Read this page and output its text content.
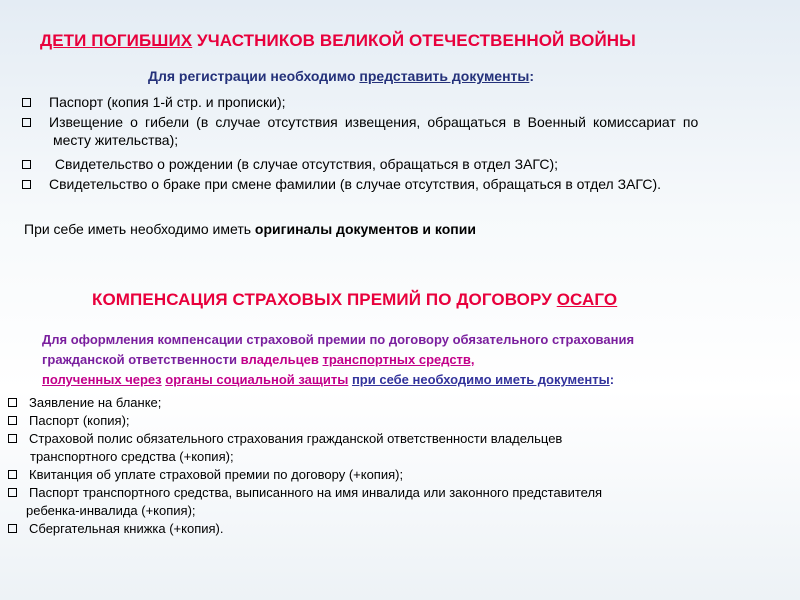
ДЕТИ ПОГИБШИХ УЧАСТНИКОВ ВЕЛИКОЙ ОТЕЧЕСТВЕННОЙ ВОЙНЫ
Для регистрации необходимо представить документы:
Паспорт (копия 1-й стр. и прописки);
Извещение о гибели (в случае отсутствия извещения, обращаться в Военный комиссариат по
месту жительства);
Свидетельство о рождении (в случае отсутствия, обращаться в отдел ЗАГС);
Свидетельство о браке при смене фамилии (в случае отсутствия, обращаться в отдел ЗАГС).
При себе иметь необходимо иметь оригиналы документов и копии
КОМПЕНСАЦИЯ СТРАХОВЫХ ПРЕМИЙ ПО ДОГОВОРУ ОСАГО
Для оформления компенсации страховой премии по договору обязательного страхования
гражданской ответственности владельцев транспортных средств,
полученных через органы социальной защиты при себе необходимо иметь документы:
Заявление на бланке;
Паспорт (копия);
Страховой полис обязательного страхования гражданской ответственности владельцев
транспортного средства (+копия);
Квитанция об уплате страховой премии по договору (+копия);
Паспорт транспортного средства, выписанного на имя инвалида или законного представителя
ребенка-инвалида (+копия);
Сбергательная книжка (+копия).
